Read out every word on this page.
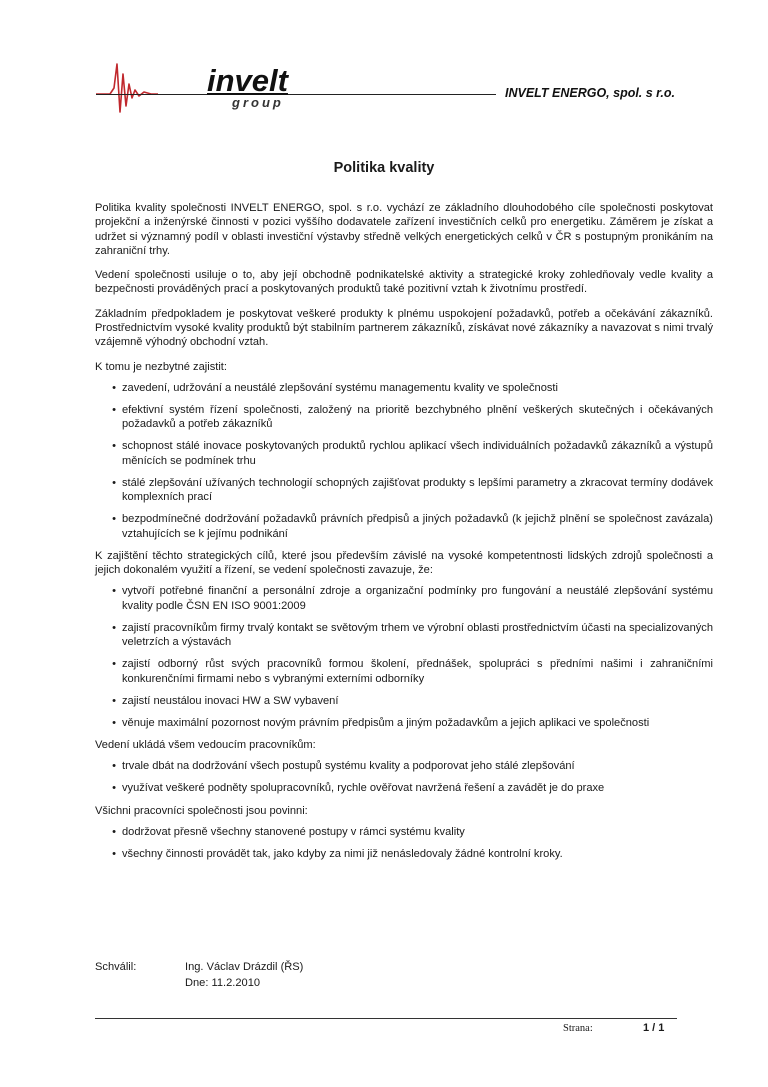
invelt
group
INVELT ENERGO, spol. s r.o.
Politika kvality

Politika kvality společnosti INVELT ENERGO, spol. s r.o. vychází ze základního dlouhodobého cíle společnosti poskytovat projekční a inženýrské činnosti v pozici vyššího dodavatele zařízení investičních celků pro energetiku. Záměrem je získat a udržet si významný podíl v oblasti investiční výstavby středně velkých energetických celků v ČR s postupným pronikáním na zahraniční trhy.

Vedení společnosti usiluje o to, aby její obchodně podnikatelské aktivity a strategické kroky zohledňovaly vedle kvality a bezpečnosti prováděných prací a poskytovaných produktů také pozitivní vztah k životnímu prostředí.

Základním předpokladem je poskytovat veškeré produkty k plnému uspokojení požadavků, potřeb a očekávání zákazníků. Prostřednictvím vysoké kvality produktů být stabilním partnerem zákazníků, získávat nové zákazníky a navazovat s nimi trvalý vzájemně výhodný obchodní vztah.

K tomu je nezbytné zajistit:

• zavedení, udržování a neustálé zlepšování systému managementu kvality ve společnosti
• efektivní systém řízení společnosti, založený na prioritě bezchybného plnění veškerých skutečných i očekávaných požadavků a potřeb zákazníků
• schopnost stálé inovace poskytovaných produktů rychlou aplikací všech individuálních požadavků zákazníků a výstupů měnících se podmínek trhu
• stálé zlepšování užívaných technologií schopných zajišťovat produkty s lepšími parametry a zkracovat termíny dodávek komplexních prací
• bezpodmínečné dodržování požadavků právních předpisů a jiných požadavků (k jejichž plnění se společnost zavázala) vztahujících se k jejímu podnikání

K zajištění těchto strategických cílů, které jsou především závislé na vysoké kompetentnosti lidských zdrojů společnosti a jejich dokonalém využití a řízení, se vedení společnosti zavazuje, že:

• vytvoří potřebné finanční a personální zdroje a organizační podmínky pro fungování a neustálé zlepšování systému kvality podle ČSN EN ISO 9001:2009
• zajistí pracovníkům firmy trvalý kontakt se světovým trhem ve výrobní oblasti prostřednictvím účasti na specializovaných veletrzích a výstavách
• zajistí odborný růst svých pracovníků formou školení, přednášek, spolupráci s předními našimi i zahraničními konkurenčními firmami nebo s vybranými externími odborníky
• zajistí neustálou inovaci HW a SW vybavení
• věnuje maximální pozornost novým právním předpisům a jiným požadavkům a jejich aplikaci ve společnosti

Vedení ukládá všem vedoucím pracovníkům:

• trvale dbát na dodržování všech postupů systému kvality a podporovat jeho stálé zlepšování
• využívat veškeré podněty spolupracovníků, rychle ověřovat navržená řešení a zavádět je do praxe

Všichni pracovníci společnosti jsou povinni:

• dodržovat přesně všechny stanovené postupy v rámci systému kvality
• všechny činnosti provádět tak, jako kdyby za nimi již nenásledovaly žádné kontrolní kroky.
Schválil:	Ing. Václav Drázdil (ŘS)
Dne: 11.2.2010
Strana:	1 / 1
